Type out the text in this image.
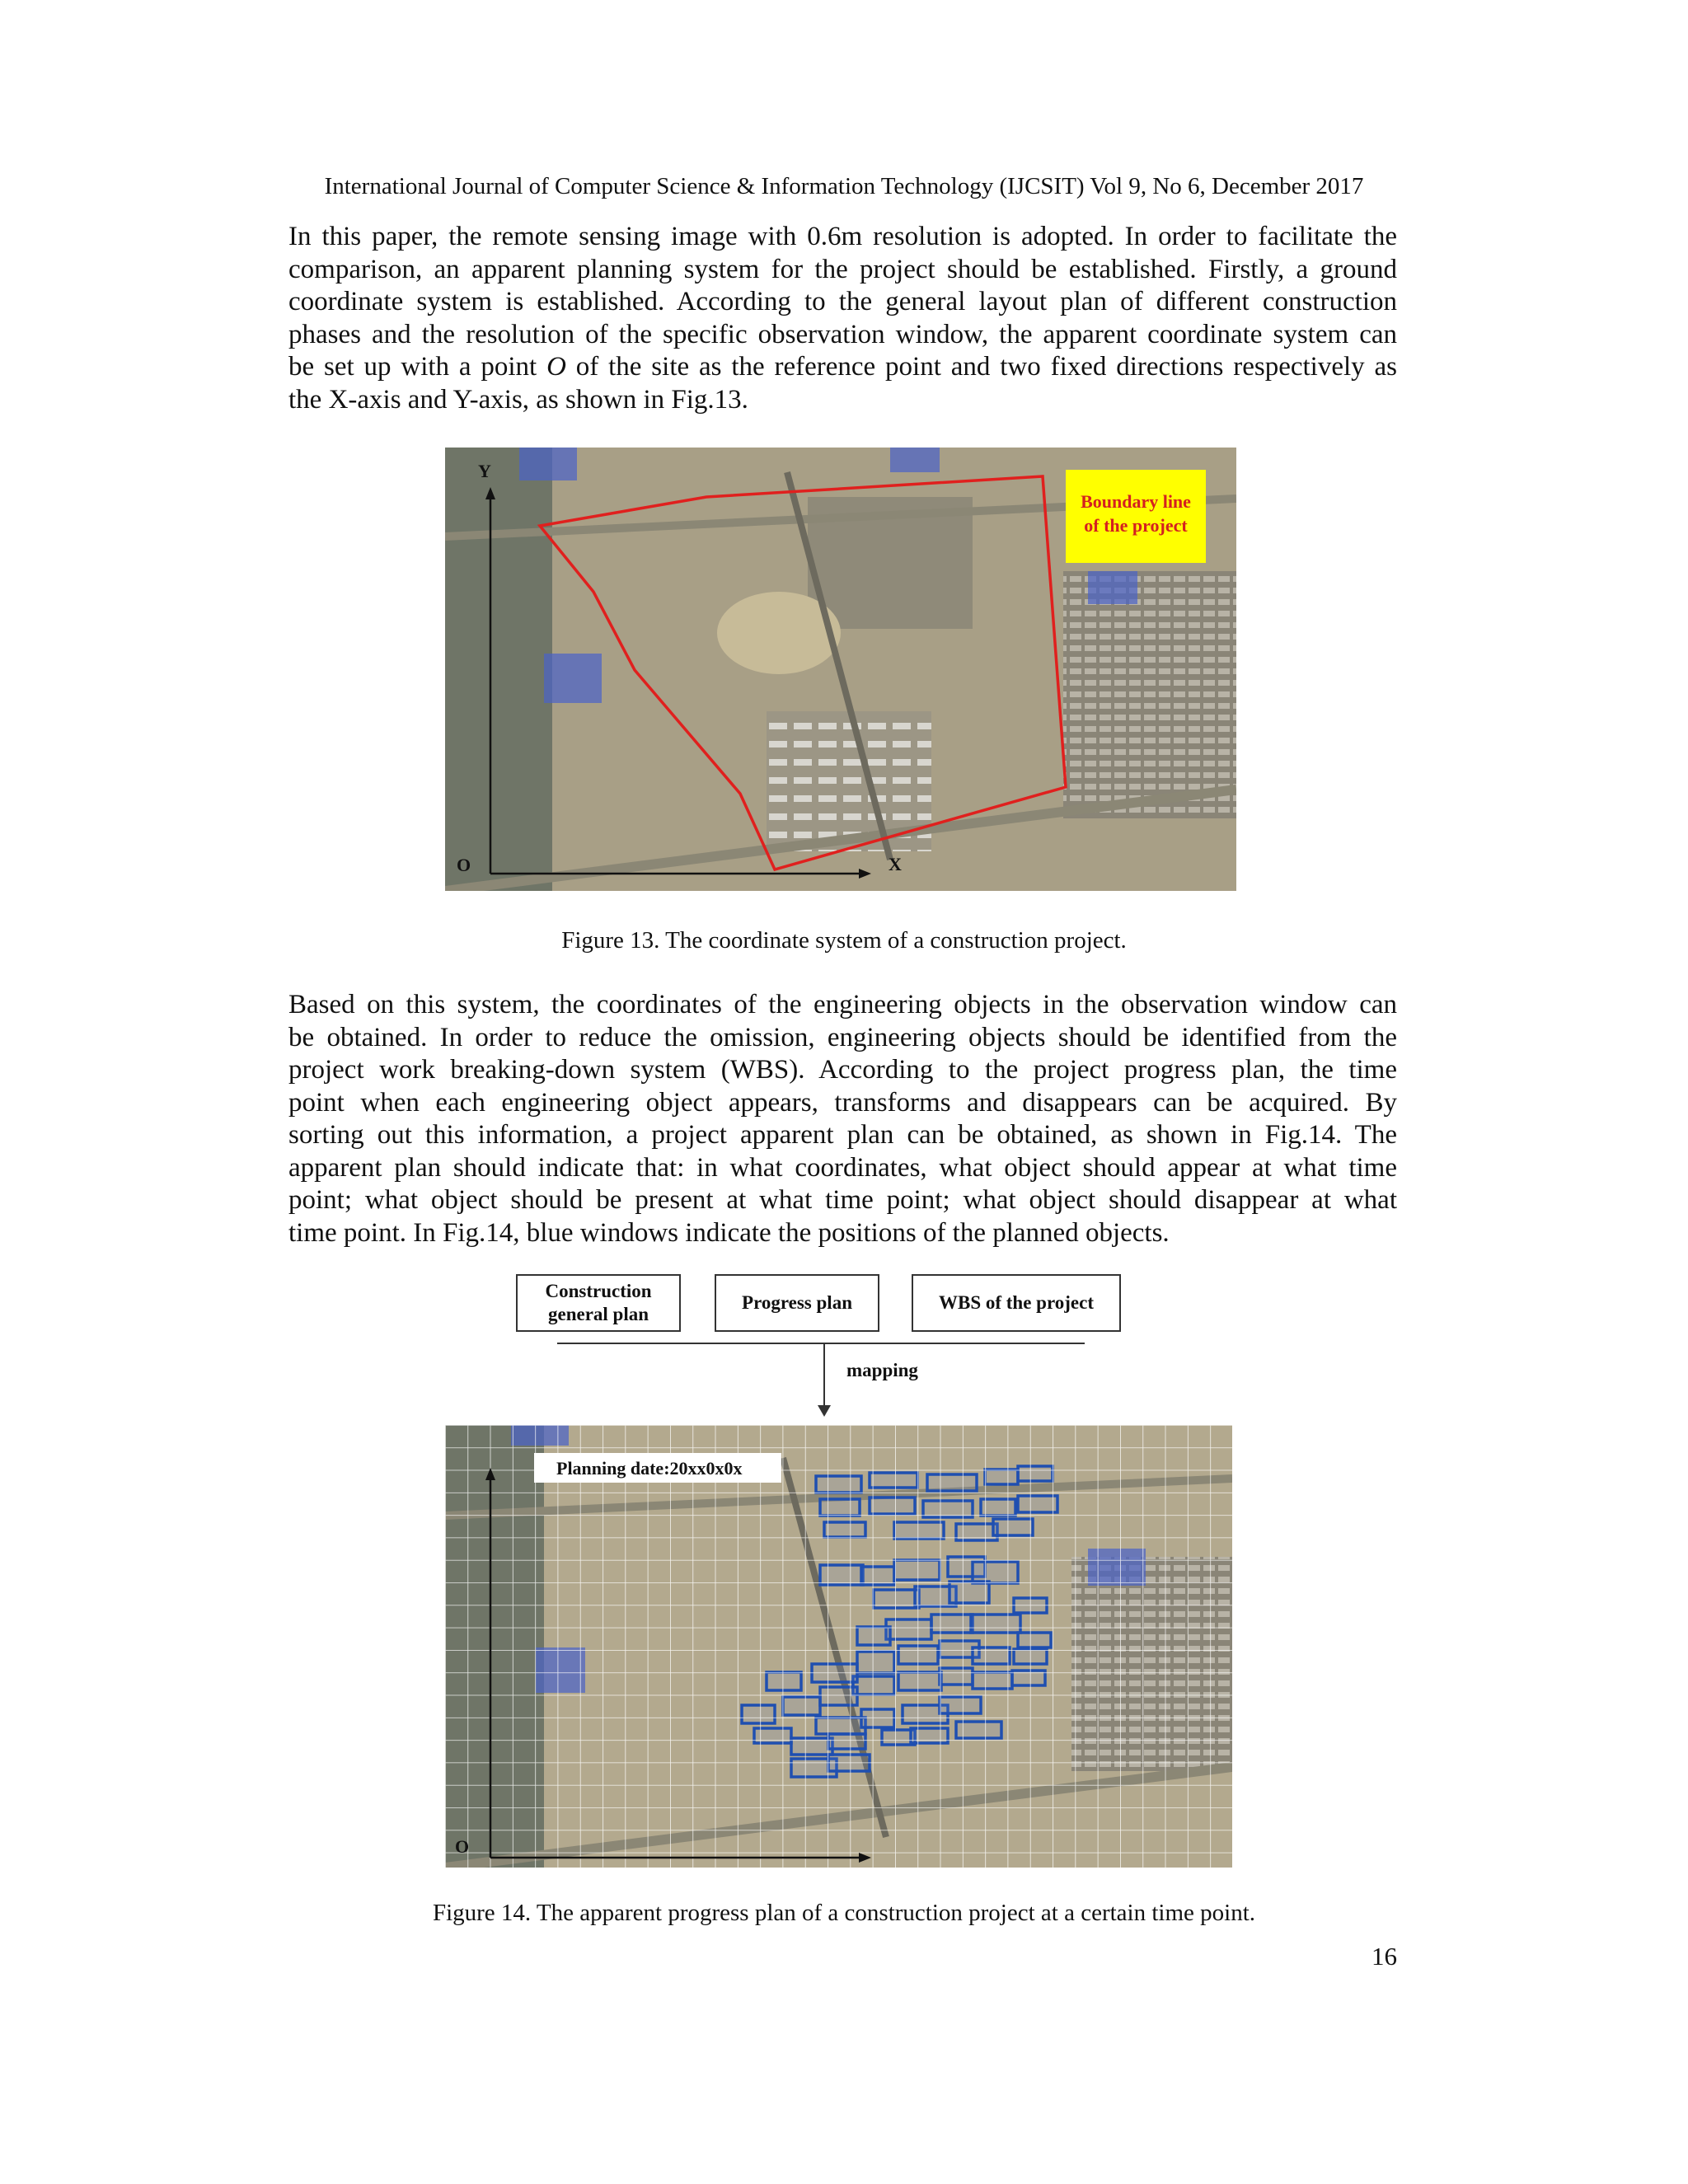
International Journal of Computer Science & Information Technology (IJCSIT) Vol 9, No 6, December 2017
In this paper, the remote sensing image with 0.6m resolution is adopted. In order to facilitate the
comparison, an apparent planning system for the project should be established. Firstly, a ground
coordinate system is established. According to the general layout plan of different construction
phases and the resolution of the specific observation window, the apparent coordinate system can
be set up with a point O of the site as the reference point and two fixed directions respectively as
the X-axis and Y-axis, as shown in Fig.13.
Y
X
O
Boundary line
of the project
Figure 13. The coordinate system of a construction project.
Based on this system, the coordinates of the engineering objects in the observation window can
be obtained. In order to reduce the omission, engineering objects should be identified from the
project work breaking-down system (WBS). According to the project progress plan, the time
point when each engineering object appears, transforms and disappears can be acquired. By
sorting out this information, a project apparent plan can be obtained, as shown in Fig.14. The
apparent plan should indicate that: in what coordinates, what object should appear at what time
point; what object should be present at what time point; what object should disappear at what
time point. In Fig.14, blue windows indicate the positions of the planned objects.
Construction
general plan
Progress plan	WBS of the project
mapping
Planning date:20xx0x0x
O
Figure 14. The apparent progress plan of a construction project at a certain time point.
16
